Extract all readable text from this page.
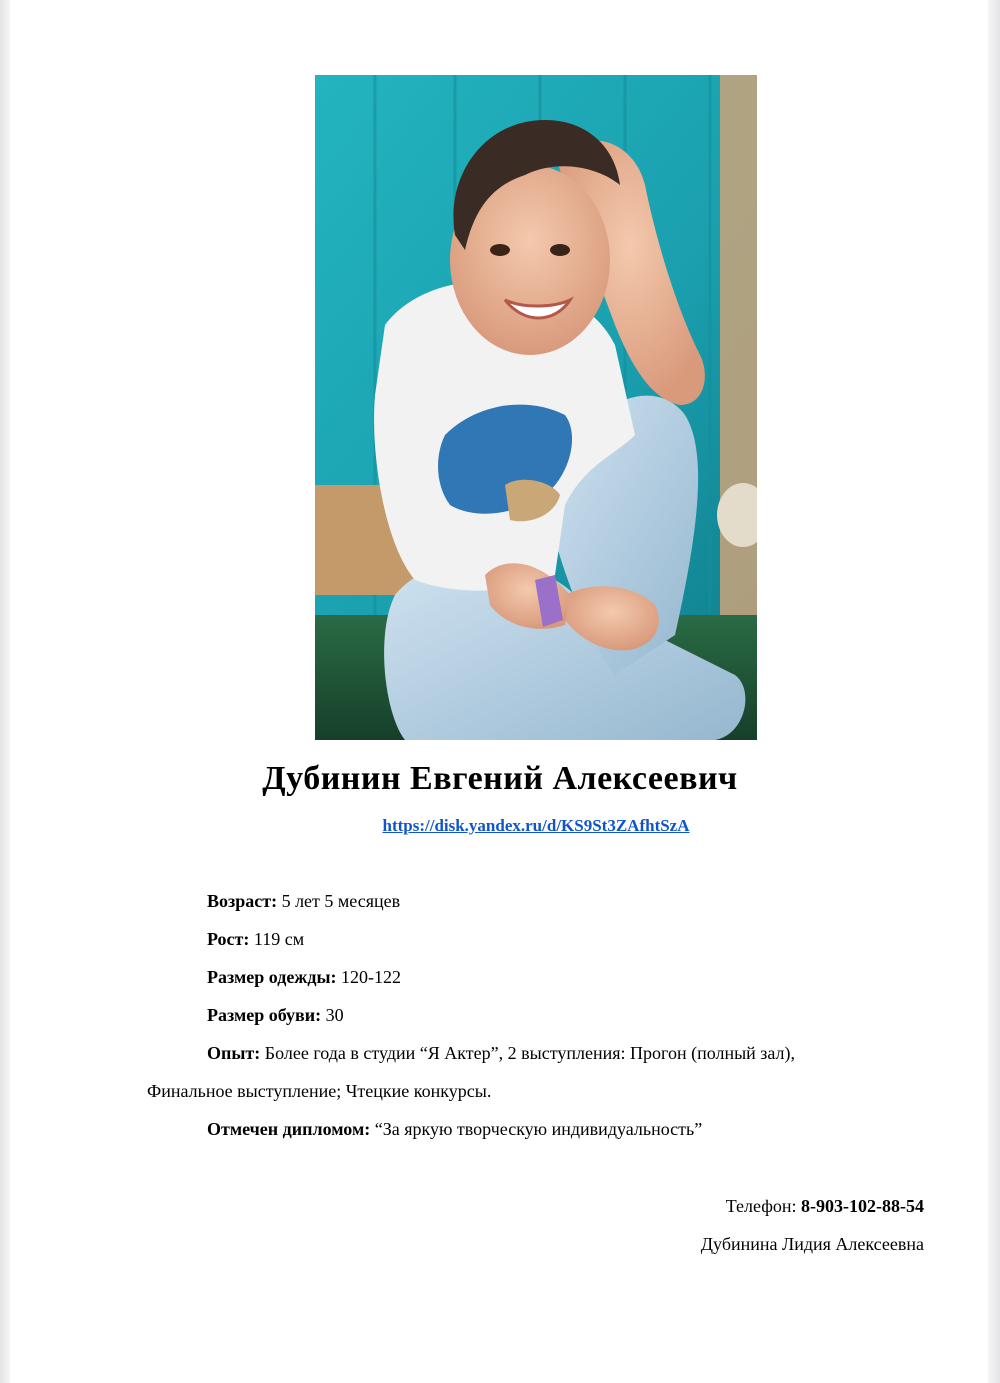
Дубинин Евгений Алексеевич
https://disk.yandex.ru/d/KS9St3ZAfhtSzA
Возраст: 5 лет 5 месяцев
Рост: 119 см
Размер одежды: 120-122
Размер обуви: 30
Опыт: Более года в студии “Я Актер”, 2 выступления: Прогон (полный зал),
Финальное выступление; Чтецкие конкурсы.
Отмечен дипломом: “За яркую творческую индивидуальность”
Телефон: 8-903-102-88-54
Дубинина Лидия Алексеевна
